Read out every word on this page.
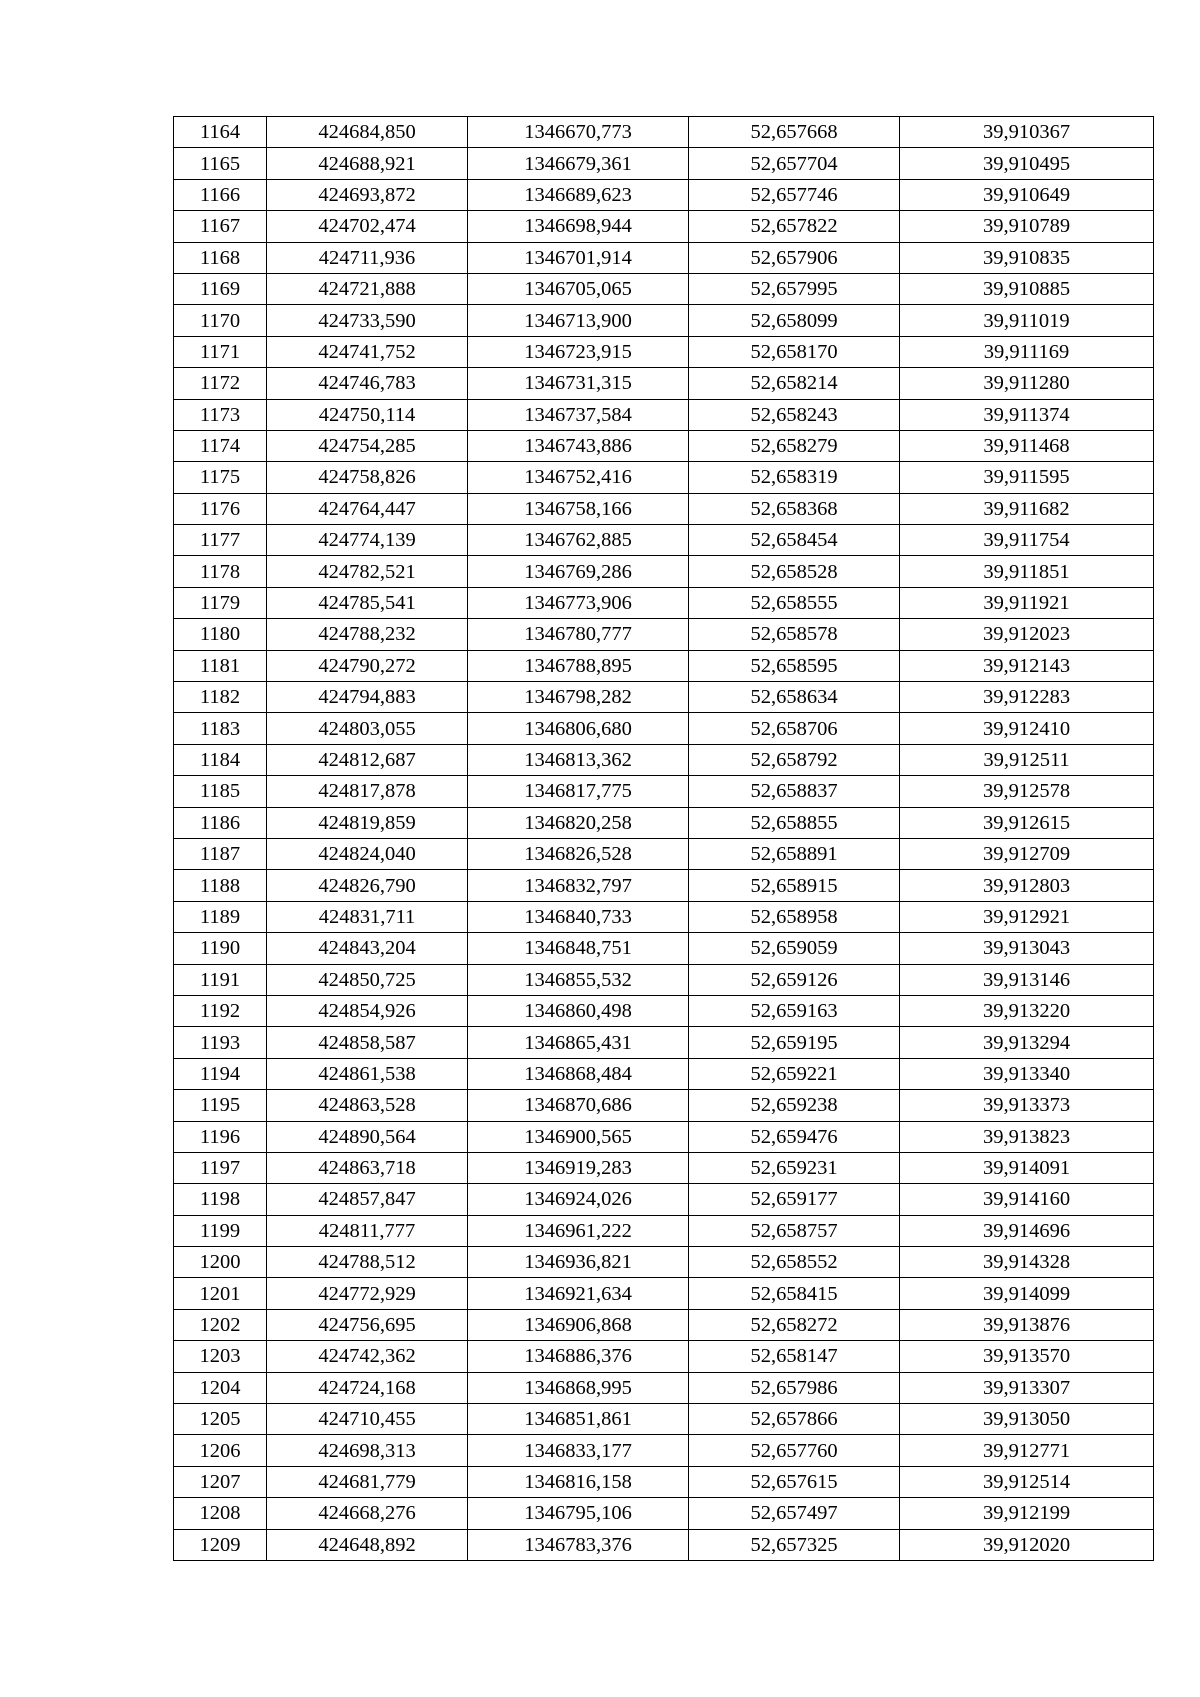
1164	424684,850	1346670,773	52,657668	39,910367
1165	424688,921	1346679,361	52,657704	39,910495
1166	424693,872	1346689,623	52,657746	39,910649
1167	424702,474	1346698,944	52,657822	39,910789
1168	424711,936	1346701,914	52,657906	39,910835
1169	424721,888	1346705,065	52,657995	39,910885
1170	424733,590	1346713,900	52,658099	39,911019
1171	424741,752	1346723,915	52,658170	39,911169
1172	424746,783	1346731,315	52,658214	39,911280
1173	424750,114	1346737,584	52,658243	39,911374
1174	424754,285	1346743,886	52,658279	39,911468
1175	424758,826	1346752,416	52,658319	39,911595
1176	424764,447	1346758,166	52,658368	39,911682
1177	424774,139	1346762,885	52,658454	39,911754
1178	424782,521	1346769,286	52,658528	39,911851
1179	424785,541	1346773,906	52,658555	39,911921
1180	424788,232	1346780,777	52,658578	39,912023
1181	424790,272	1346788,895	52,658595	39,912143
1182	424794,883	1346798,282	52,658634	39,912283
1183	424803,055	1346806,680	52,658706	39,912410
1184	424812,687	1346813,362	52,658792	39,912511
1185	424817,878	1346817,775	52,658837	39,912578
1186	424819,859	1346820,258	52,658855	39,912615
1187	424824,040	1346826,528	52,658891	39,912709
1188	424826,790	1346832,797	52,658915	39,912803
1189	424831,711	1346840,733	52,658958	39,912921
1190	424843,204	1346848,751	52,659059	39,913043
1191	424850,725	1346855,532	52,659126	39,913146
1192	424854,926	1346860,498	52,659163	39,913220
1193	424858,587	1346865,431	52,659195	39,913294
1194	424861,538	1346868,484	52,659221	39,913340
1195	424863,528	1346870,686	52,659238	39,913373
1196	424890,564	1346900,565	52,659476	39,913823
1197	424863,718	1346919,283	52,659231	39,914091
1198	424857,847	1346924,026	52,659177	39,914160
1199	424811,777	1346961,222	52,658757	39,914696
1200	424788,512	1346936,821	52,658552	39,914328
1201	424772,929	1346921,634	52,658415	39,914099
1202	424756,695	1346906,868	52,658272	39,913876
1203	424742,362	1346886,376	52,658147	39,913570
1204	424724,168	1346868,995	52,657986	39,913307
1205	424710,455	1346851,861	52,657866	39,913050
1206	424698,313	1346833,177	52,657760	39,912771
1207	424681,779	1346816,158	52,657615	39,912514
1208	424668,276	1346795,106	52,657497	39,912199
1209	424648,892	1346783,376	52,657325	39,912020
